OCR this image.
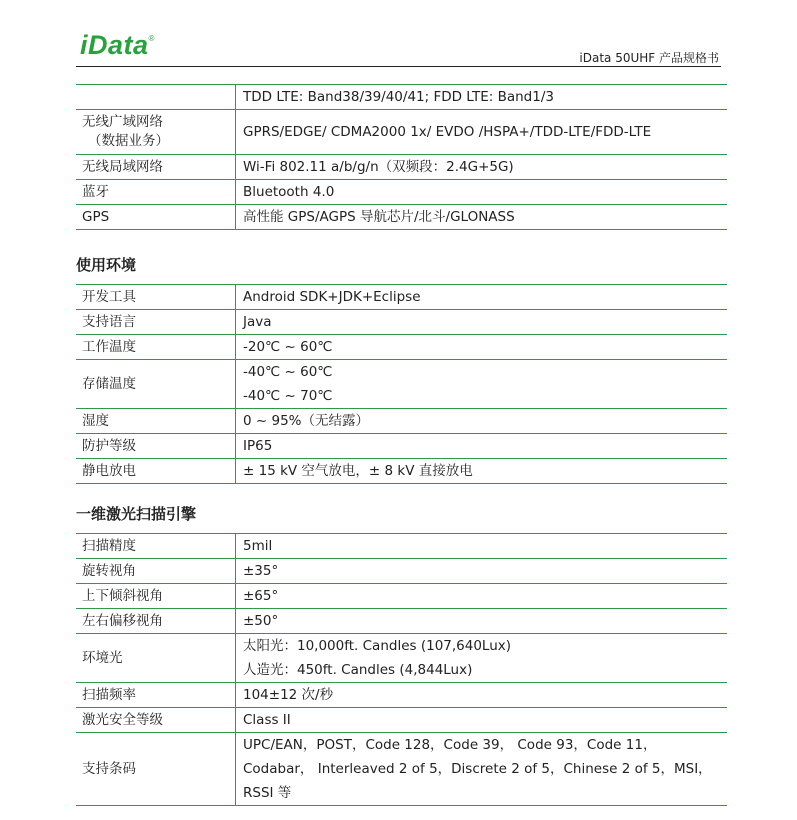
iData®
iData 50UHF 产品规格书
	TDD LTE: Band38/39/40/41; FDD LTE: Band1/3

无线广域网络
（数据业务）	GPRS/EDGE/ CDMA2000 1x/ EVDO /HSPA+/TDD-LTE/FDD-LTE
无线局域网络	Wi-Fi 802.11 a/b/g/n（双频段：2.4G+5G)
蓝牙	Bluetooth 4.0
GPS	高性能 GPS/AGPS 导航芯片/北斗/GLONASS
使用环境
开发工具	Android SDK+JDK+Eclipse
支持语言	Java
工作温度	-20℃ ~ 60℃
存储温度	-40℃ ~ 60℃
-40℃ ~ 70℃

湿度	0 ~ 95%（无结露）
防护等级	IP65
静电放电	± 15 kV 空气放电，± 8 kV 直接放电
一维激光扫描引擎
扫描精度	5mil
旋转视角	±35°
上下倾斜视角	±65°
左右偏移视角	±50°
环境光	太阳光：10,000ft. Candles (107,640Lux)
人造光：450ft. Candles (4,844Lux)

扫描频率	104±12 次/秒
激光安全等级	Class II
支持条码	UPC/EAN，POST，Code 128，Code 39， Code 93，Code 11，
Codabar， Interleaved 2 of 5，Discrete 2 of 5，Chinese 2 of 5，MSI，
RSSI 等
